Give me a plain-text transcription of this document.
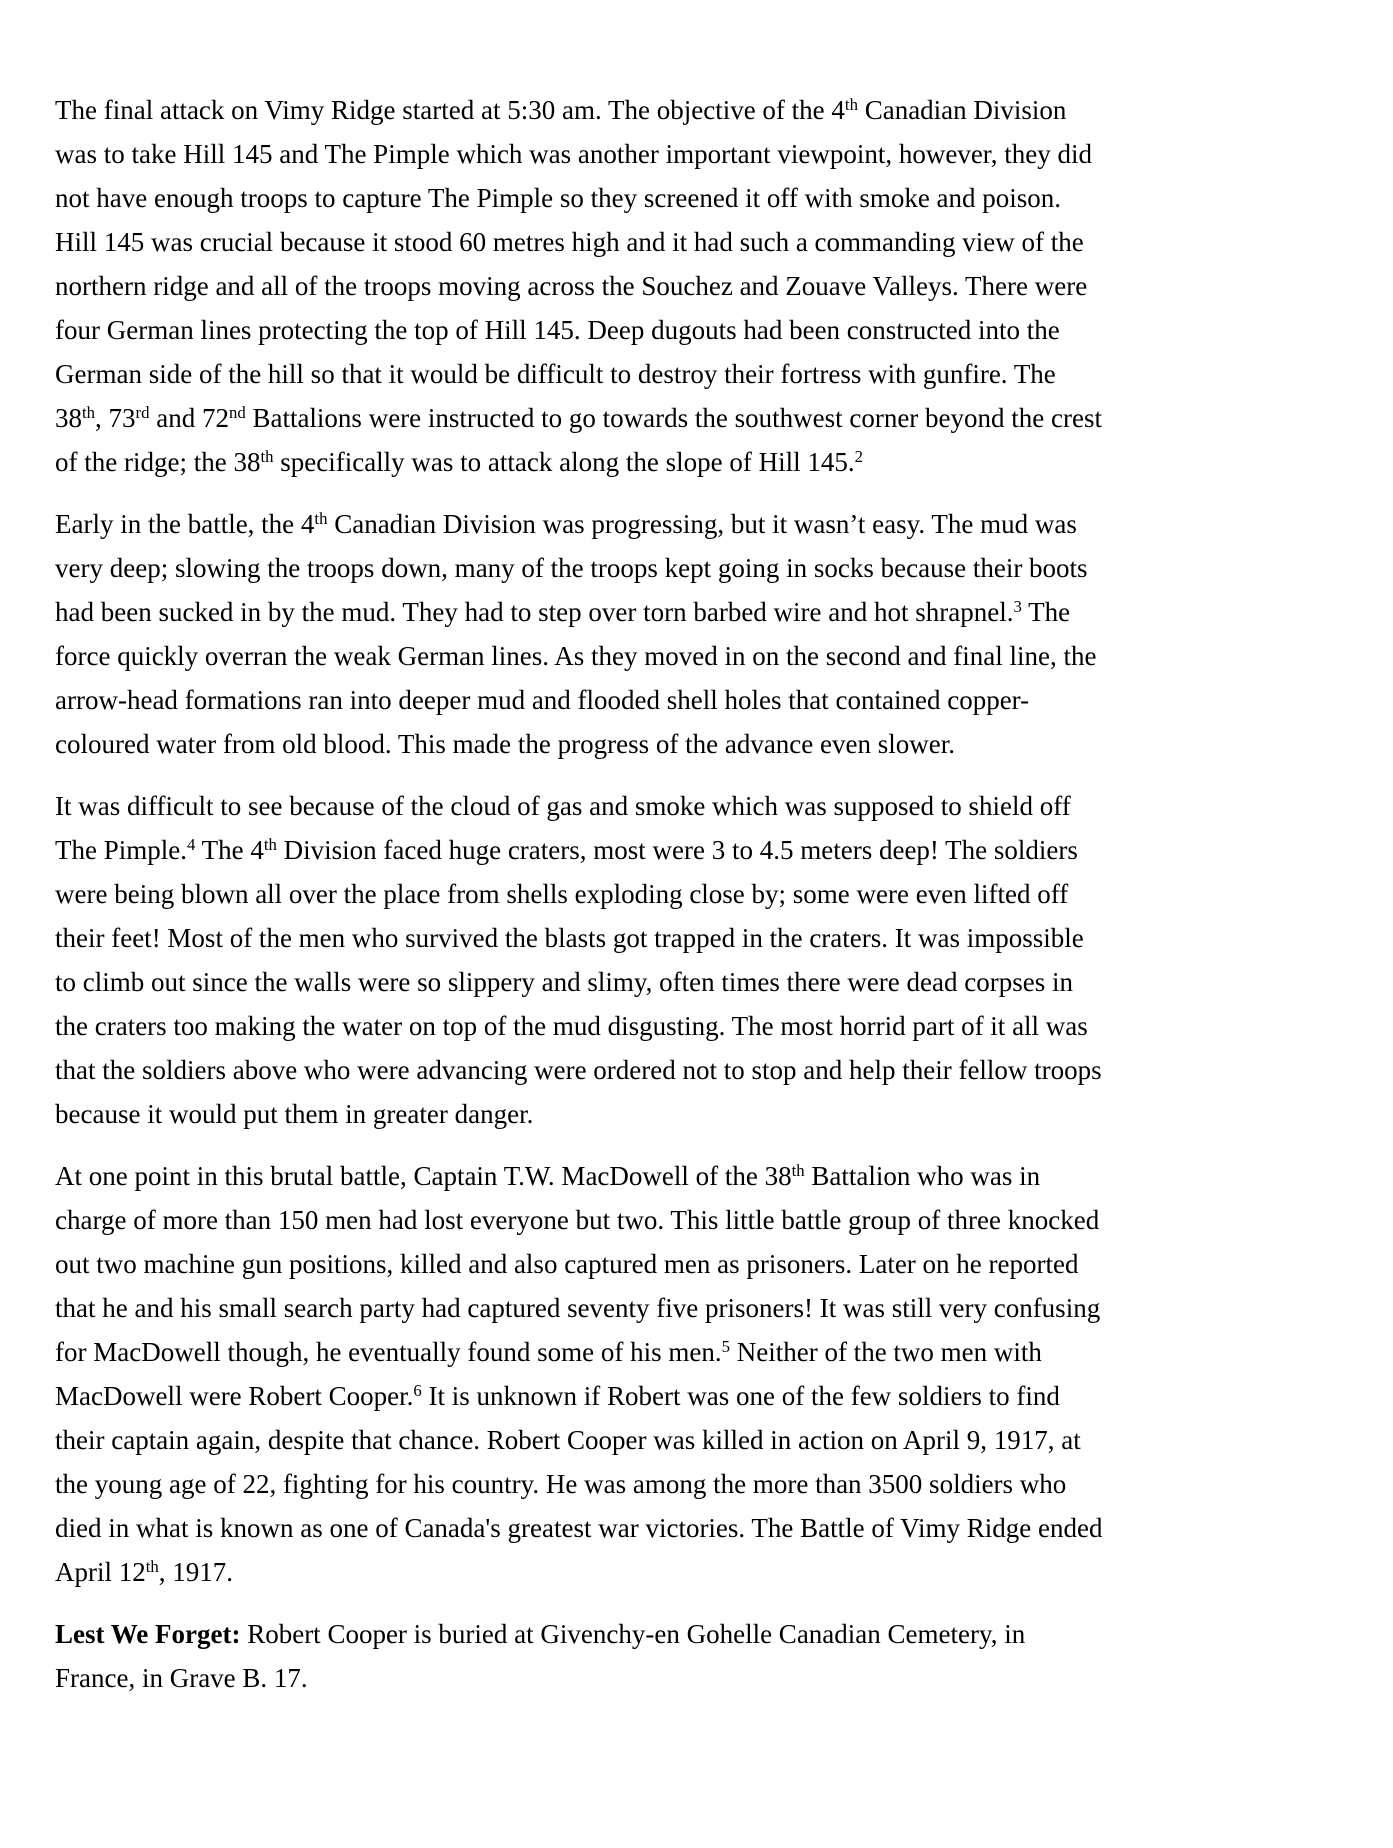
The final attack on Vimy Ridge started at 5:30 am. The objective of the 4th Canadian Division
was to take Hill 145 and The Pimple which was another important viewpoint, however, they did
not have enough troops to capture The Pimple so they screened it off with smoke and poison.
Hill 145 was crucial because it stood 60 metres high and it had such a commanding view of the
northern ridge and all of the troops moving across the Souchez and Zouave Valleys. There were
four German lines protecting the top of Hill 145. Deep dugouts had been constructed into the
German side of the hill so that it would be difficult to destroy their fortress with gunfire. The
38th, 73rd and 72nd Battalions were instructed to go towards the southwest corner beyond the crest
of the ridge; the 38th specifically was to attack along the slope of Hill 145.$^2$
Early in the battle, the 4th Canadian Division was progressing, but it wasn’t easy. The mud was
very deep; slowing the troops down, many of the troops kept going in socks because their boots
had been sucked in by the mud. They had to step over torn barbed wire and hot shrapnel.$^3$ The
force quickly overran the weak German lines. As they moved in on the second and final line, the
arrow-head formations ran into deeper mud and flooded shell holes that contained copper-
coloured water from old blood. This made the progress of the advance even slower.
It was difficult to see because of the cloud of gas and smoke which was supposed to shield off
The Pimple.$^4$ The 4th Division faced huge craters, most were 3 to 4.5 meters deep! The soldiers
were being blown all over the place from shells exploding close by; some were even lifted off
their feet! Most of the men who survived the blasts got trapped in the craters. It was impossible
to climb out since the walls were so slippery and slimy, often times there were dead corpses in
the craters too making the water on top of the mud disgusting. The most horrid part of it all was
that the soldiers above who were advancing were ordered not to stop and help their fellow troops
because it would put them in greater danger.
At one point in this brutal battle, Captain T.W. MacDowell of the 38th Battalion who was in
charge of more than 150 men had lost everyone but two. This little battle group of three knocked
out two machine gun positions, killed and also captured men as prisoners. Later on he reported
that he and his small search party had captured seventy five prisoners! It was still very confusing
for MacDowell though, he eventually found some of his men.$^5$ Neither of the two men with
MacDowell were Robert Cooper.$^6$ It is unknown if Robert was one of the few soldiers to find
their captain again, despite that chance. Robert Cooper was killed in action on April 9, 1917, at
the young age of 22, fighting for his country. He was among the more than 3500 soldiers who
died in what is known as one of Canada's greatest war victories. The Battle of Vimy Ridge ended
April 12th, 1917.
Lest We Forget: Robert Cooper is buried at Givenchy-en Gohelle Canadian Cemetery, in
France, in Grave B. 17.
